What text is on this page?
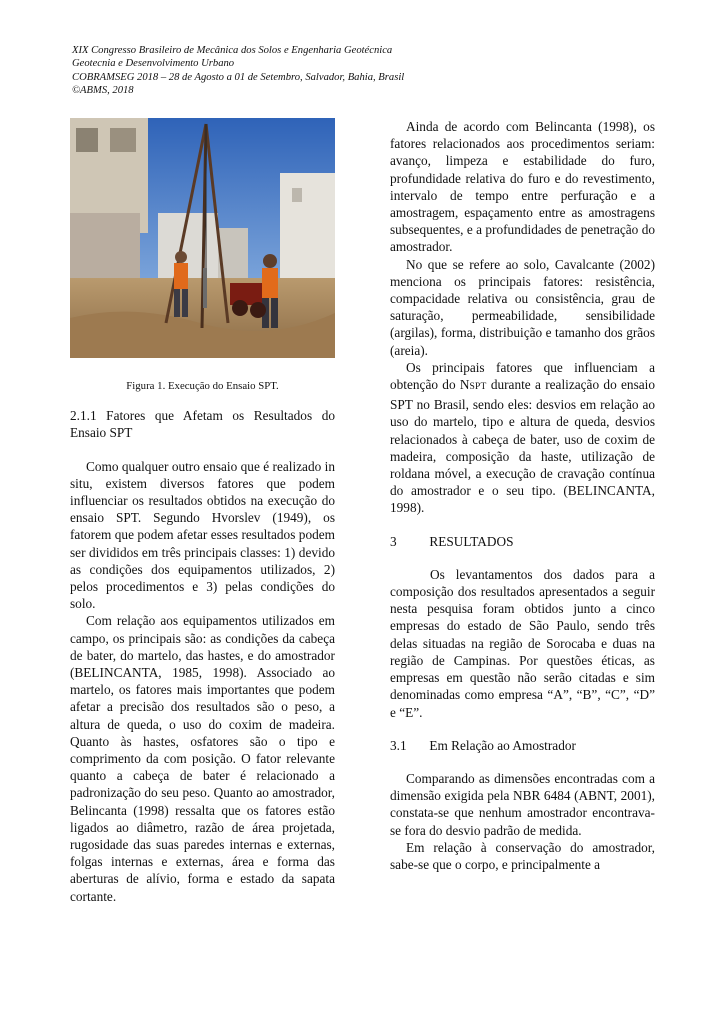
XIX Congresso Brasileiro de Mecânica dos Solos e Engenharia Geotécnica
Geotecnia e Desenvolvimento Urbano
COBRAMSEG 2018 – 28 de Agosto a 01 de Setembro, Salvador, Bahia, Brasil
©ABMS, 2018
Figura 1. Execução do Ensaio SPT.
2.1.1 Fatores que Afetam os Resultados do Ensaio SPT

Como qualquer outro ensaio que é realizado in situ, existem diversos fatores que podem influenciar os resultados obtidos na execução do ensaio SPT. Segundo Hvorslev (1949), os fatorem que podem afetar esses resultados podem ser divididos em três principais classes: 1) devido as condições dos equipamentos utilizados, 2) pelos procedimentos e 3) pelas condições do solo.

Com relação aos equipamentos utilizados em campo, os principais são: as condições da cabeça de bater, do martelo, das hastes, e do amostrador (BELINCANTA, 1985, 1998). Associado ao martelo, os fatores mais importantes que podem afetar a precisão dos resultados são o peso, a altura de queda, o uso do coxim de madeira. Quanto às hastes, osfatores são o tipo e comprimento da com posição. O fator relevante quanto a cabeça de bater é relacionado a padronização do seu peso. Quanto ao amostrador, Belincanta (1998) ressalta que os fatores estão ligados ao diâmetro, razão de área projetada, rugosidade das suas paredes internas e externas, folgas internas e externas, área e forma das aberturas de alívio, forma e estado da sapata cortante.

Ainda de acordo com Belincanta (1998), os fatores relacionados aos procedimentos seriam: avanço, limpeza e estabilidade do furo, profundidade relativa do furo e do revestimento, intervalo de tempo entre perfuração e a amostragem, espaçamento entre as amostragens subsequentes, e a profundidades de penetração do amostrador.

No que se refere ao solo, Cavalcante (2002) menciona os principais fatores: resistência, compacidade relativa ou consistência, grau de saturação, permeabilidade, sensibilidade (argilas), forma, distribuição e tamanho dos grãos (areia).

Os principais fatores que influenciam a obtenção do NSPT durante a realização do ensaio SPT no Brasil, sendo eles: desvios em relação ao uso do martelo, tipo e altura de queda, desvios relacionados à cabeça de bater, uso de coxim de madeira, composição da haste, utilização de roldana móvel, a execução de cravação contínua do amostrador e o seu tipo. (BELINCANTA, 1998).

3 RESULTADOS

Os levantamentos dos dados para a composição dos resultados apresentados a seguir nesta pesquisa foram obtidos junto a cinco empresas do estado de São Paulo, sendo três delas situadas na região de Sorocaba e duas na região de Campinas. Por questões éticas, as empresas em questão não serão citadas e sim denominadas como empresa “A”, “B”, “C”, “D” e “E”.

3.1 Em Relação ao Amostrador

Comparando as dimensões encontradas com a dimensão exigida pela NBR 6484 (ABNT, 2001), constata-se que nenhum amostrador encontrava-se fora do desvio padrão de medida.

Em relação à conservação do amostrador, sabe-se que o corpo, e principalmente a
